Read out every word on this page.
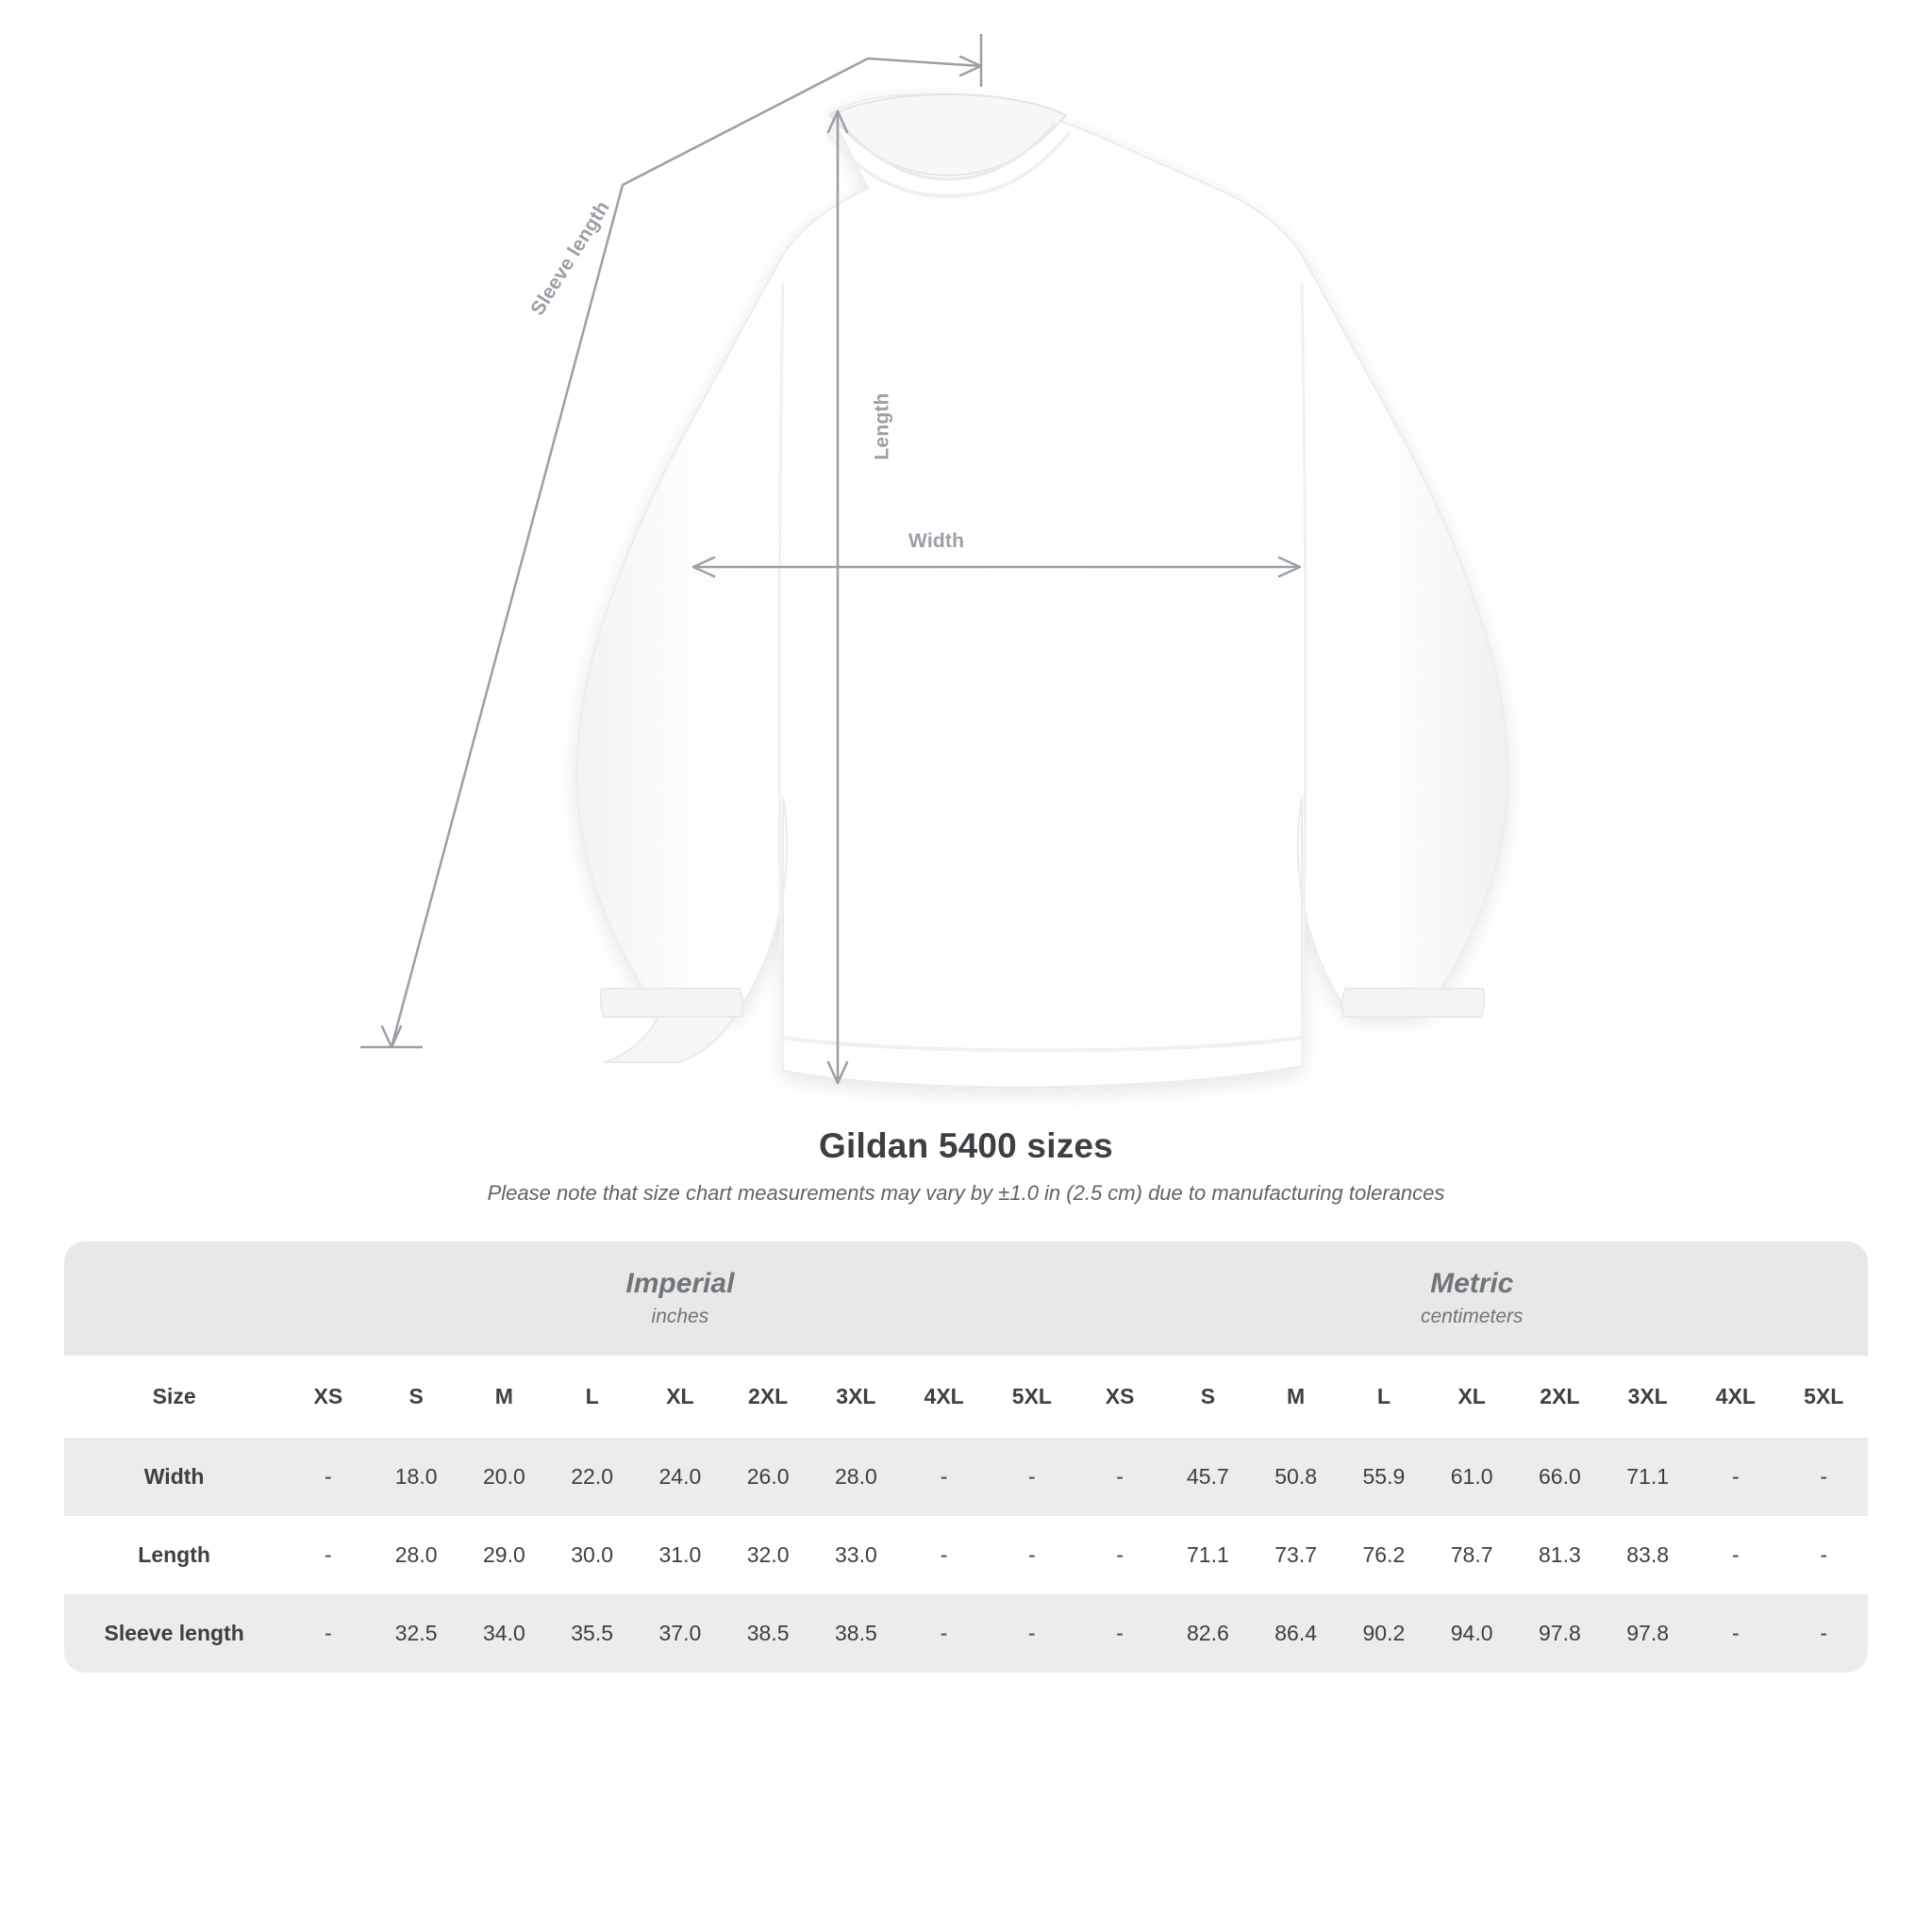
Sleeve length
Length
Width
Gildan 5400 sizes

Please note that size chart measurements may vary by ±1.0 in (2.5 cm) due to manufacturing tolerances

	Imperial
inches									Metric
centimeters								

Size	XS	S	M	L	XL	2XL	3XL	4XL	5XL	XS	S	M	L	XL	2XL	3XL	4XL	5XL
Width	-	18.0	20.0	22.0	24.0	26.0	28.0	-	-	-	45.7	50.8	55.9	61.0	66.0	71.1	-	-
Length	-	28.0	29.0	30.0	31.0	32.0	33.0	-	-	-	71.1	73.7	76.2	78.7	81.3	83.8	-	-
Sleeve length	-	32.5	34.0	35.5	37.0	38.5	38.5	-	-	-	82.6	86.4	90.2	94.0	97.8	97.8	-	-
